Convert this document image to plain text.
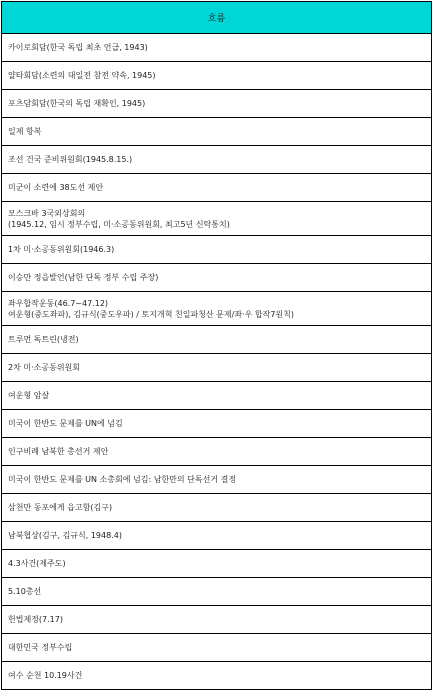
흐름

카이로회담(한국 독립 최초 언급, 1943)

얄타회담(소련의 대일전 참전 약속, 1945)

포츠담회담(한국의 독립 재확인, 1945)

일제 항복

조선 건국 준비위원회(1945.8.15.)

미군이 소련에 38도선 제안

모스크바 3국외상회의
(1945.12, 임시 정부수립, 미·소공동위원회, 최고5년 신탁통치)

1차 미·소공동위원회(1946.3)

이승만 정읍발언(남한 단독 정부 수립 주장)

좌우합작운동(46.7~47.12)
여운형(중도좌파), 김규식(중도우파) / 토지개혁 친일파청산 문제/좌·우 합작7원칙)

트루먼 독트린(냉전)

2차 미·소공동위원회

여운형 암살

미국이 한반도 문제를 UN에 넘김

인구비례 남북한 총선거 제안

미국이 한반도 문제를 UN 소총회에 넘김: 남한만의 단독선거 결정

삼천만 동포에게 읍고함(김구)

남북협상(김구, 김규식, 1948.4)

4.3사건(제주도)

5.10총선

헌법제정(7.17)

대한민국 정부수립

여수 순천 10.19사건
